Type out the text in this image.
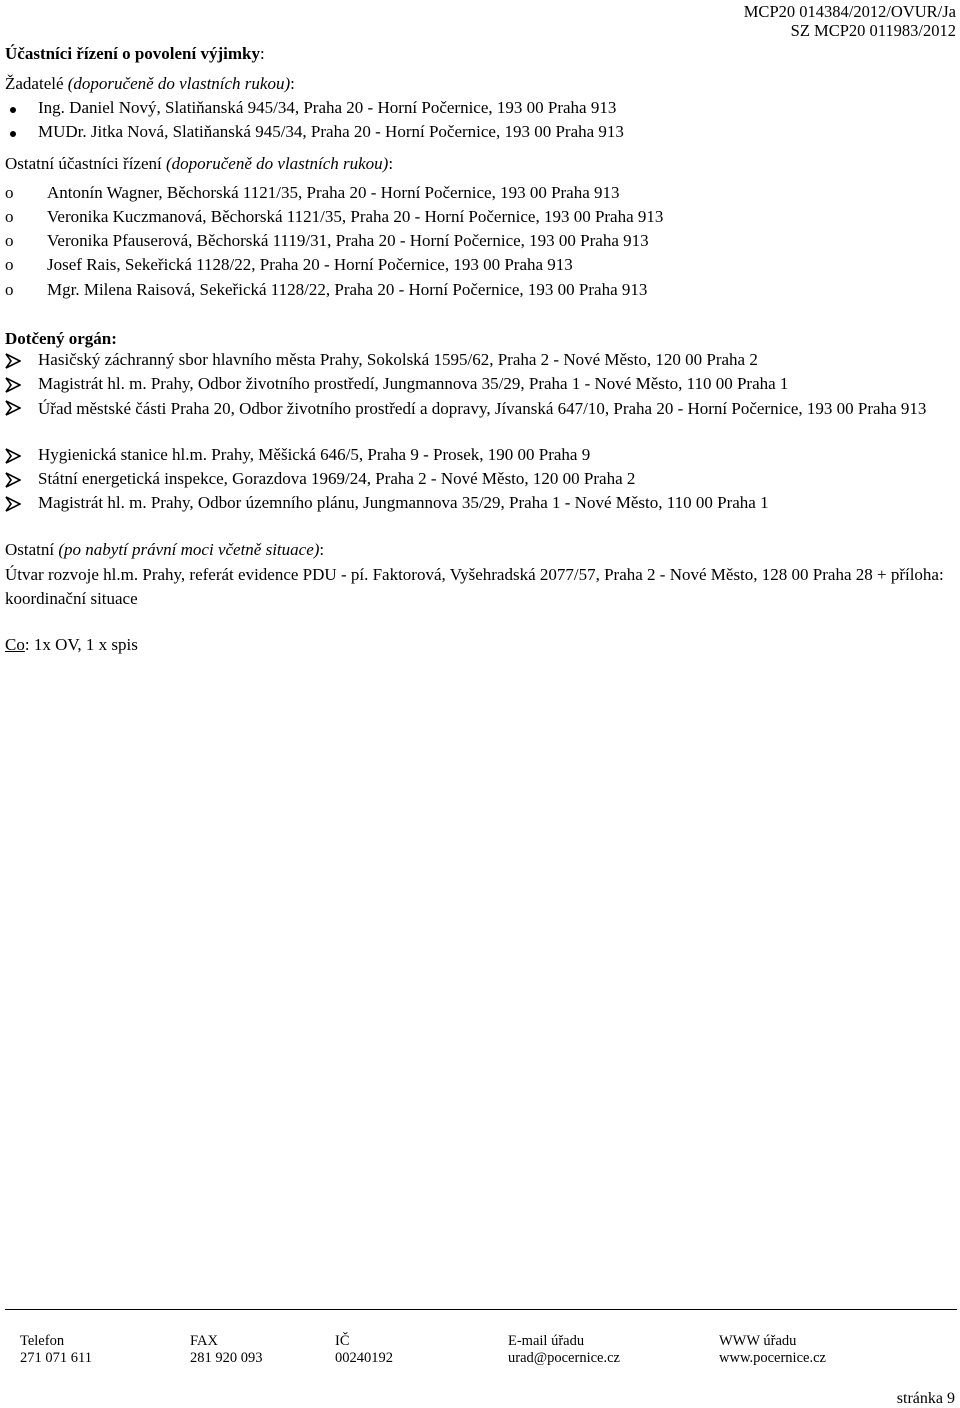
MCP20 014384/2012/OVUR/Ja
SZ MCP20 011983/2012
Účastníci řízení o povolení výjimky:
Žadatelé (doporučeně do vlastních rukou):
Ing. Daniel Nový, Slatiňanská 945/34, Praha 20 - Horní Počernice, 193 00 Praha 913
MUDr. Jitka Nová, Slatiňanská 945/34, Praha 20 - Horní Počernice, 193 00 Praha 913
Ostatní účastníci řízení (doporučeně do vlastních rukou):
o Antonín Wagner, Běchorská 1121/35, Praha 20 - Horní Počernice, 193 00 Praha 913
o Veronika Kuczmanová, Běchorská 1121/35, Praha 20 - Horní Počernice, 193 00 Praha 913
o Veronika Pfauserová, Běchorská 1119/31, Praha 20 - Horní Počernice, 193 00 Praha 913
o Josef Rais, Sekeřická 1128/22, Praha 20 - Horní Počernice, 193 00 Praha 913
o Mgr. Milena Raisová, Sekeřická 1128/22, Praha 20 - Horní Počernice, 193 00 Praha 913
Dotčený orgán:
Hasičský záchranný sbor hlavního města Prahy, Sokolská 1595/62, Praha 2 - Nové Město, 120 00 Praha 2
Magistrát hl. m. Prahy, Odbor životního prostředí, Jungmannova 35/29, Praha 1 - Nové Město, 110 00 Praha 1
Úřad městské části Praha 20, Odbor životního prostředí a dopravy, Jívanská 647/10, Praha 20 - Horní Počernice, 193 00 Praha 913
Hygienická stanice hl.m. Prahy, Měšická 646/5, Praha 9 - Prosek, 190 00 Praha 9
Státní energetická inspekce, Gorazdova 1969/24, Praha 2 - Nové Město, 120 00 Praha 2
Magistrát hl. m. Prahy, Odbor územního plánu, Jungmannova 35/29, Praha 1 - Nové Město, 110 00 Praha 1
Ostatní (po nabytí právní moci včetně situace):
Útvar rozvoje hl.m. Prahy, referát evidence PDU - pí. Faktorová, Vyšehradská 2077/57, Praha 2 - Nové Město, 128 00 Praha 28 + příloha: koordinační situace
Co: 1x OV, 1 x spis
Telefon
271 071 611
FAX
281 920 093
IČ
00240192
E-mail úřadu
urad@pocernice.cz
WWW úřadu
www.pocernice.cz
stránka 9
